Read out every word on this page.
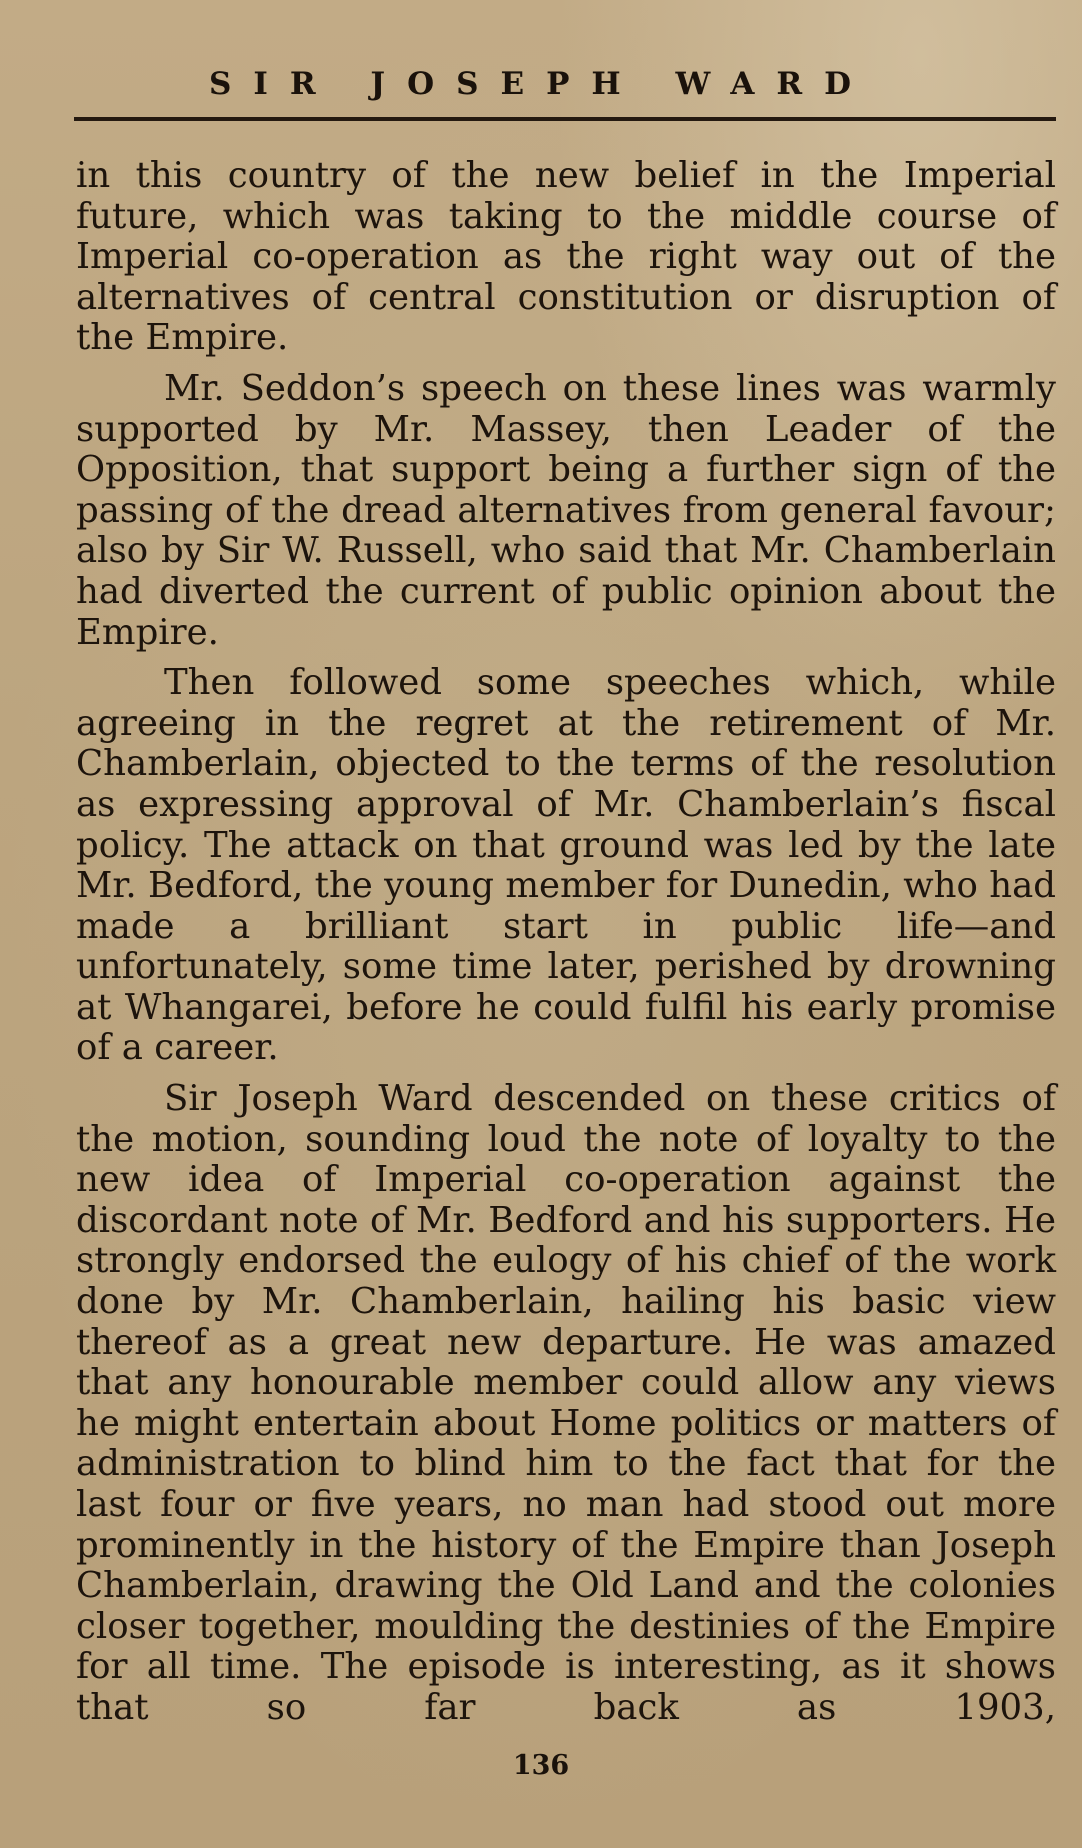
SIR JOSEPH WARD

in this country of the new belief in the Imperial future, which was taking to the middle course of Imperial co-operation as the right way out of the alternatives of central constitution or disruption of the Empire.

Mr. Seddon’s speech on these lines was warmly supported by Mr. Massey, then Leader of the Opposition, that support being a further sign of the passing of the dread alternatives from general favour; also by Sir W. Russell, who said that Mr. Chamberlain had diverted the current of public opinion about the Empire.

Then followed some speeches which, while agreeing in the regret at the retirement of Mr. Chamberlain, objected to the terms of the resolution as expressing approval of Mr. Chamberlain’s fiscal policy. The attack on that ground was led by the late Mr. Bedford, the young member for Dunedin, who had made a brilliant start in public life—and unfortunately, some time later, perished by drowning at Whangarei, before he could fulfil his early promise of a career.

Sir Joseph Ward descended on these critics of the motion, sounding loud the note of loyalty to the new idea of Imperial co-operation against the discordant note of Mr. Bedford and his supporters. He strongly endorsed the eulogy of his chief of the work done by Mr. Chamberlain, hailing his basic view thereof as a great new departure. He was amazed that any honourable member could allow any views he might entertain about Home politics or matters of administration to blind him to the fact that for the last four or five years, no man had stood out more prominently in the history of the Empire than Joseph Chamberlain, drawing the Old Land and the colonies closer together, moulding the destinies of the Empire for all time. The episode is interesting, as it shows that so far back as 1903,

136
